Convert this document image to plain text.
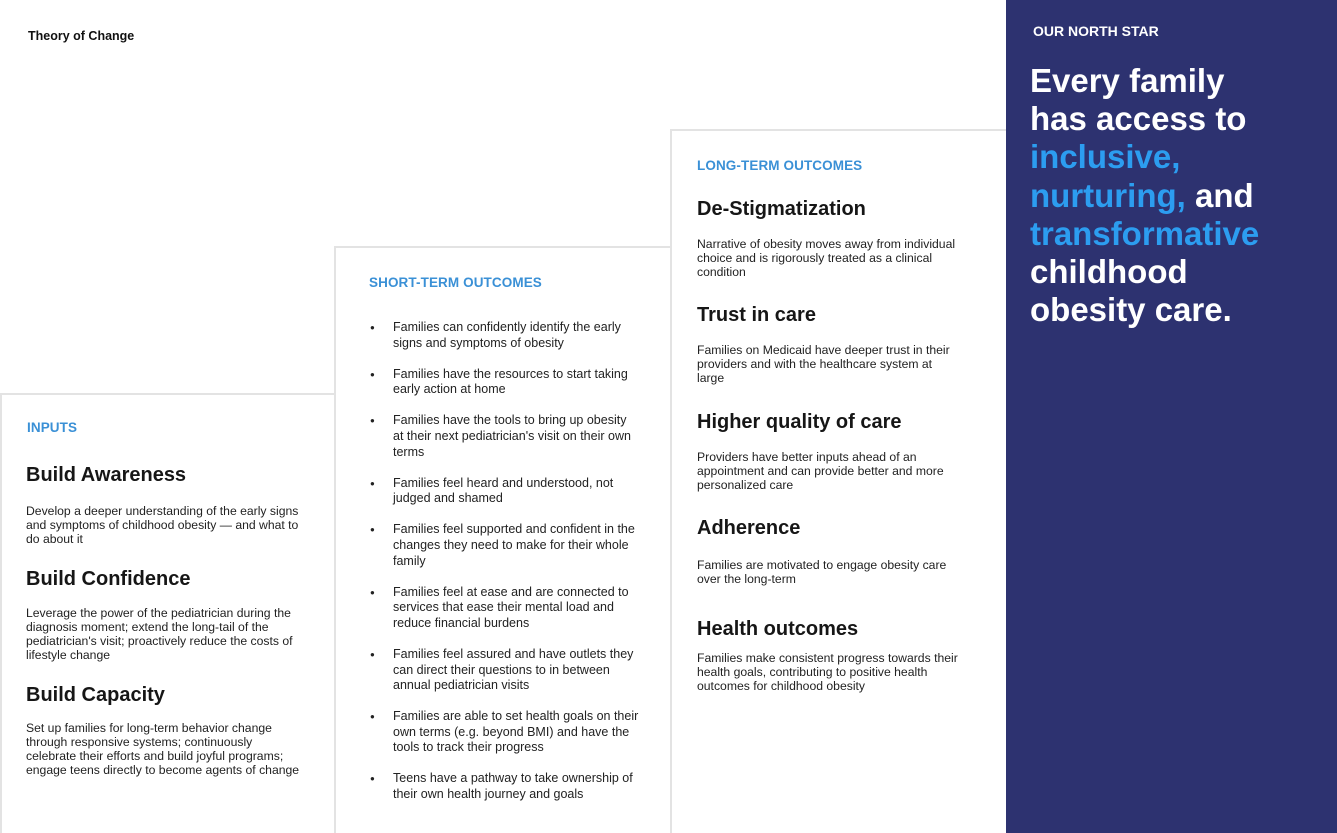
Theory of Change
INPUTS
Build Awareness
Develop a deeper understanding of the early signs and symptoms of childhood obesity — and what to do about it
Build Confidence
Leverage the power of the pediatrician during the diagnosis moment; extend the long-tail of the pediatrician's visit; proactively reduce the costs of lifestyle change
Build Capacity
Set up families for long-term behavior change through responsive systems; continuously celebrate their efforts and build joyful programs; engage teens directly to become agents of change
SHORT-TERM OUTCOMES
● Families can confidently identify the early signs and symptoms of obesity
● Families have the resources to start taking early action at home
● Families have the tools to bring up obesity at their next pediatrician's visit on their own terms
● Families feel heard and understood, not judged and shamed
● Families feel supported and confident in the changes they need to make for their whole family
● Families feel at ease and are connected to services that ease their mental load and reduce financial burdens
● Families feel assured and have outlets they can direct their questions to in between annual pediatrician visits
● Families are able to set health goals on their own terms (e.g. beyond BMI) and have the tools to track their progress
● Teens have a pathway to take ownership of their own health journey and goals
LONG-TERM OUTCOMES
De-Stigmatization
Narrative of obesity moves away from individual choice and is rigorously treated as a clinical condition
Trust in care
Families on Medicaid have deeper trust in their providers and with the healthcare system at large
Higher quality of care
Providers have better inputs ahead of an appointment and can provide better and more personalized care
Adherence
Families are motivated to engage obesity care over the long-term
Health outcomes
Families make consistent progress towards their health goals, contributing to positive health outcomes for childhood obesity
OUR NORTH STAR
Every family
has access to
inclusive,
nurturing, and
transformative
childhood
obesity care.
